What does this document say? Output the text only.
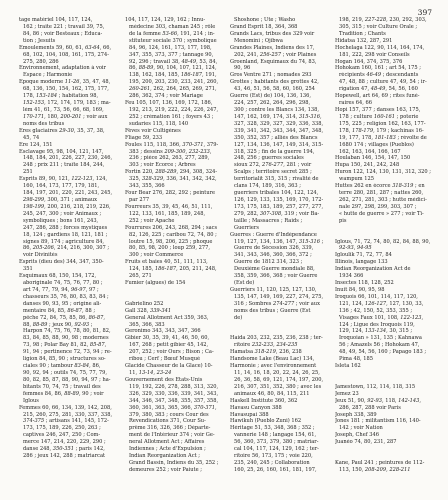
397
tage matériel 104, 117, 124,
162 ; traîte 221 ; travail 39, 75,
84, 86 ; voir Besteaux ; Educa-
tion ; Jesuits
Emoulements 59, 60, 61, 63-64, 66,
68, 102, 104, 108, 161, 175, 274-
275, 280, 286
Environnement, adaptation à voir
Espace ; Harmonie
Epoque moderne 11-26, 35, 47, 48,
68, 136, 150, 154, 162, 175, 177,
178, 153-184 ; habitation 98,
152-153, 172, 174, 179, 183 ; ma-
lém 41, 61, 73, 56, 66, 68, 169,
170-171, 180, 200-201 ; voir aux
noms des tribus
Ères glaciaires 29-30, 35, 37, 38,
45, 74
Ère 124, 151
Esclavage 95, 98, 104, 121, 147,
148, 184, 201, 226, 227, 230, 246,
248 ; prix 211 ; traîte 184, 244,
251
Esprits 89, 90, 121, 122-123, 124,
160, 164, 173, 177, 179, 181,
184, 197, 201, 220, 221, 243, 245,
298-299, 300, 371 ; animaux
198-199, 200, 216, 218, 219, 226,
245, 247, 300 ; voir Animaux ;
symboliques ; bons 161, 243,
247, 286, 288 ; forces mystiques
18, 124 ; gardiens 18, 121, 181 ;
signes 89, 174 ; agriculture 84,
86, 205-206, 214, 216, 300, 307 ;
voir Divinités
Esprits (dieu des) 344, 347, 350-
351
Esquimaux 68, 150, 154, 172,
aboriginale 74, 75, 76, 77, 80 ;
art 74, 77, 79, 94, 96-97, 97 ;
chasseurs 35, 76, 80, 83, 83, 84 ;
danses 90, 93, 95 ; origine ali-
mentaire 84, 85, 86-87, 88 ;
pêche 72, 84, 75, 85, 86, 86-87,
88, 88-89 ; jeux 90, 92-93 ;
Harpon 74, 75, 76, 78, 80, 81, 82,
83, 84, 85, 88, 90, 98 ; modernes
73, 98 ; Polar Bay 81, 82, 85-87,
91, 94 ; pertinence 72, 73, 94 ; re-
ligion 84, 85, 90 ; structures so-
ciales 90 ; tambour 83-84, 86,
90, 92, 94 ; outils 74, 75, 77, 79,
80, 82, 85, 87, 88, 90, 94, 97 ; ha-
bitants 70, 74, 75 ; travail des
femmes 84, 86, 88-89, 90 ; voir
Iglous
Femmes 60, 66, 134, 139, 142, 208,
215, 260, 275, 281, 330, 337, 338,
374-375 ; artisans 141, 145, 172-
173, 175, 189, 226, 250, 263 ;
captives 246, 247, 250 ; Com-
merce 147, 214, 220, 229, 290 ;
danse 248, 350-351 ; paris 142,
286 ; jeux 142, 288 ; matriarcat
104, 117, 124, 129, 162 ; Innu-
médecine 303, chaman 245 ; rôle
de la femme 53-66, 191, 214 ; in-
stituteur sociale 370 ; symbolique
84, 96, 124, 161, 173, 177, 198,
347, 355, 373, 377 ; tannage 90,
92, 296 ; travail 38, 48-49, 53, 84,
86, 88-89, 90, 104, 107, 121, 124,
138, 162, 184, 185, 186-187, 191,
195, 200, 203, 230, 233, 241, 260,
260-261, 262, 264, 265, 269, 271,
286, 362, 374 ; voir Mariage
Feu 105, 107, 136, 169, 172, 186,
192, 213, 219, 222, 224, 226, 247,
252 ; crémation 161 ; foyers 43 ;
sudaries 115, 118, 140
Fèves voir Cultigènes
Fliage 59, 233
Foules 115, 118, 366, 370-371, 379-
383 ; dessins 209-300, 232-233,
236 ; pièce 262, 263, 277, 289,
303 ; voir Écorce ; Arbres
Fortin 220, 288-289, 294, 308, 324-
325, 328-329, 336, 341, 342, 342,
343, 355, 366
Four Bear 276, 282, 292 ; peinture
par 277
Fourreurs 35, 39, 45, 46, 51, 111,
122, 133, 161, 185, 189, 248,
252 ; voir Apache
Fourrures 206, 243, 268, 294 ; sacs
82, 126, 225 ; caribou 72, 74, 80 ;
loutre 15, 98, 206, 225 ; phoque
80, 85, 98, 200 ; loup 259, 277,
300 ; voir Commerce
Fruits et baies 40, 51, 111, 113,
124, 185, 186-187, 205, 211, 248,
265, 271
Fumier (algues) de 154

Gabrielino 252
Gall 328, 339-341
General Allotment Act 359, 363,
365, 366, 383
Geronimo 343, 343, 347, 366
Gibier 30, 35, 39, 41, 46, 50, 60,
167, 268 ; petit gibier 45, 142,
207, 252 ; voir Ours ; Bison ; Ca-
ribou ; Cerf ; Bœuf Musqué
Glacide Chasseur de la Glace) 10-
11, 13-14, 23-24
Gouvernement des États-Unis
119, 192, 226, 278, 288, 313, 320,
326, 329, 330, 336, 339, 341, 343,
344, 346, 347, 348, 355, 357, 358,
360, 361, 363, 365, 366, 370-371,
379, 380, 383 ; cours Cour des
Revendications 371, Cour Su-
prême 316, 326, 366 ; Départe-
ment de l'Intérieur 374 ; voir Ge-
neral Allotment Act ; Affaires
Indiennes ; Acte d'Expulsion ;
Indian Reorganization Act ;
Grand Bassin, Indiens du 35, 252 ;
demeures 252 ; voir Paiute ;
Shoshone ; Ute ; Washo
Grand Esprit 18, 364, 368
Grands Lacs, tribus des 329 voir
Menomini ; Ojibwa
Grandes Plaines, Indiens des 17,
202, 241, 256-257 ; voir Plaines
Groenland, Esquimaux du 74, 83,
90, 96
Gros Ventre 271 ; nomades 293
Grottes ; habitants des grottes 42,
43, 46, 51, 56, 58, 60, 160, 254
Guerre (Est) de) 104, 136, 136,
224, 257, 262, 264, 296, 298,
300 ; contre les Blancs 134, 138,
147, 162, 169, 174, 314, 315-316,
327, 328, 329, 327, 329, 336, 338,
339, 341, 342, 343, 344, 347, 348,
350, 352, 357 ; alliés des Blancs
127, 134, 136, 147, 149, 314, 315-
318, 325 ; fin de la guerre 194,
248, 256 ; guerres sociales
sioux 272, 276-277, 281 ; voir
Scalps ; territoire secret 285 ;
territorialit 315, 315 ; rivalité de
clans 174, 189, 316, 363 ;
guerriers tribales 104, 122, 124,
126, 129, 133, 135, 169, 170, 172-
173, 175, 183, 189, 257, 277, 277,
279, 282, 307-308, 319 ; voir Ba-
taille ; Massacres ; Raids ;
Guerriers
Guerres : Guerre d'Indépendance
119, 127, 134, 136, 147, 315-316 ;
Guerre de Sécession 326, 339,
341, 343, 346, 360, 366, 372 ;
Guerre de 1812 314, 323 ;
Deuxième Guerre mondiale 88,
358, 359, 366, 368 ; voir Guerre
(Est de)
Guerriers 11, 120, 125, 127, 130,
135, 147, 149, 169, 227, 274, 275,
316 ; Sombres 274-277 ; voir aux
noms des tribus ; Guerre (Est
de)

Haida 203, 232, 235, 236, 238 ; ter-
ritoire 232-233, 234-235
Hamatsa 318-219, 236, 238
Handsome Lake (Beau Lac) 134,
Harmonie ; avec l'environnement
11, 14, 16, 18, 20, 22, 24, 26, 25,
26, 36, 58, 69, 121, 174, 197, 200,
216, 307, 351, 352, 380 ; avec les
animaux 46, 80, 84, 115, 211
Haskell Institute 360, 362
Havasu Canyon 388
Havasupai 388
Hawikuh (Pueblo Zuni) 162
Héritage 51, 53, 348, 368 ; 352 ;
vannerie 148 ; langage 154, 61,
56, 360, 373, 379, 380 ; matriar-
cal 104, 117, 124, 129, 162 ; ter-
ritoire 56, 173, 175 ; voie 220,
235, 240, 245 ; Collaboration
160, 25, 26, 160, 161, 181, 197,
198, 219, 227-228, 230, 292, 303,
305, 315 ; voir Culture Orale ;
Tradition ; Chants
Hidatsa 132, 287, 291
Hochelaga 122, 90, 114, 164, 174,
181, 222, 298 voir Conseils
Hogan 164, 374, 375, 376
Hohokam 160, 161 ; art 54, 175 ;
récipients 46-49 ; descendants
47, 48, 88 ; culture 47, 49, 54 ; ir-
rigation 47, 48-49, 54, 56, 160
Hopewell, art 64, 69 ; rites funé-
raires 64, 66
Hopi 157, 377 ; danses 163, 175,
178 ; culture 160-161 ; poterie
175, 225 ; religion 162, 163, 177-
178, 178-179, 179 ; kachinas 16-
19, 177, 178, 181-183 ; révolte de
1680 174 ; villages (Pueblos)
162, 163, 164, 166, 167
Houlaban 146, 154, 147, 150
Hupa 150, 241, 242, 248
Huron 122, 124, 130, 131, 312, 320 ;
wampum 125
Huttes 262 en écorce 318-319 ; en
terre 280, 281, 287 ; nattes 260,
262, 271, 281, 303 ; hutte médici-
nale 297, 298, 299, 303, 307 ;
« hutte de guerre » 277 ; voir Ti-
pis

Iglous, 71, 72, 74, 80, 82, 84, 88, 90,
92-93, 94-95
Igloulik 71, 72, 77, 84
Illinois, langage 133
Indian Reorganization Act de
1934 366
Insectes 118, 128, 252
Inuit 84, 90, 95, 98
Iroquois 66, 101, 114, 117, 120,
121, 124, 126-127, 127, 130, 33,
136 ; 42, 150, 52, 353, 355 ;
Visages Faux 101, 108, 122-123,
124 ; Ligue des Iroquois 119,
129, 124, 133-134, 30, 315 ;
Iroquoian » 131, 135 ; Kahnawa
56 ; Amazels 56 ; Hohokam 47,
48, 49, 54, 56, 160 ; Papago 183 ;
Pima 48, 185
Isleta 162

Jamestown, 112, 114, 118, 315
Jemez 23
Jeux 51, 90, 92-93, 118, 142-143,
286, 287, 288 voir Paris
Joseph 338, 389
Jones 181 ; militantism 116, 140-
142 ; voir Nation
Joseph, Chef 346
Juanéo 74, 80, 231, 287

Kane, Paul 241 ; peintures de 112-
113, 150, 208-209, 228-211
